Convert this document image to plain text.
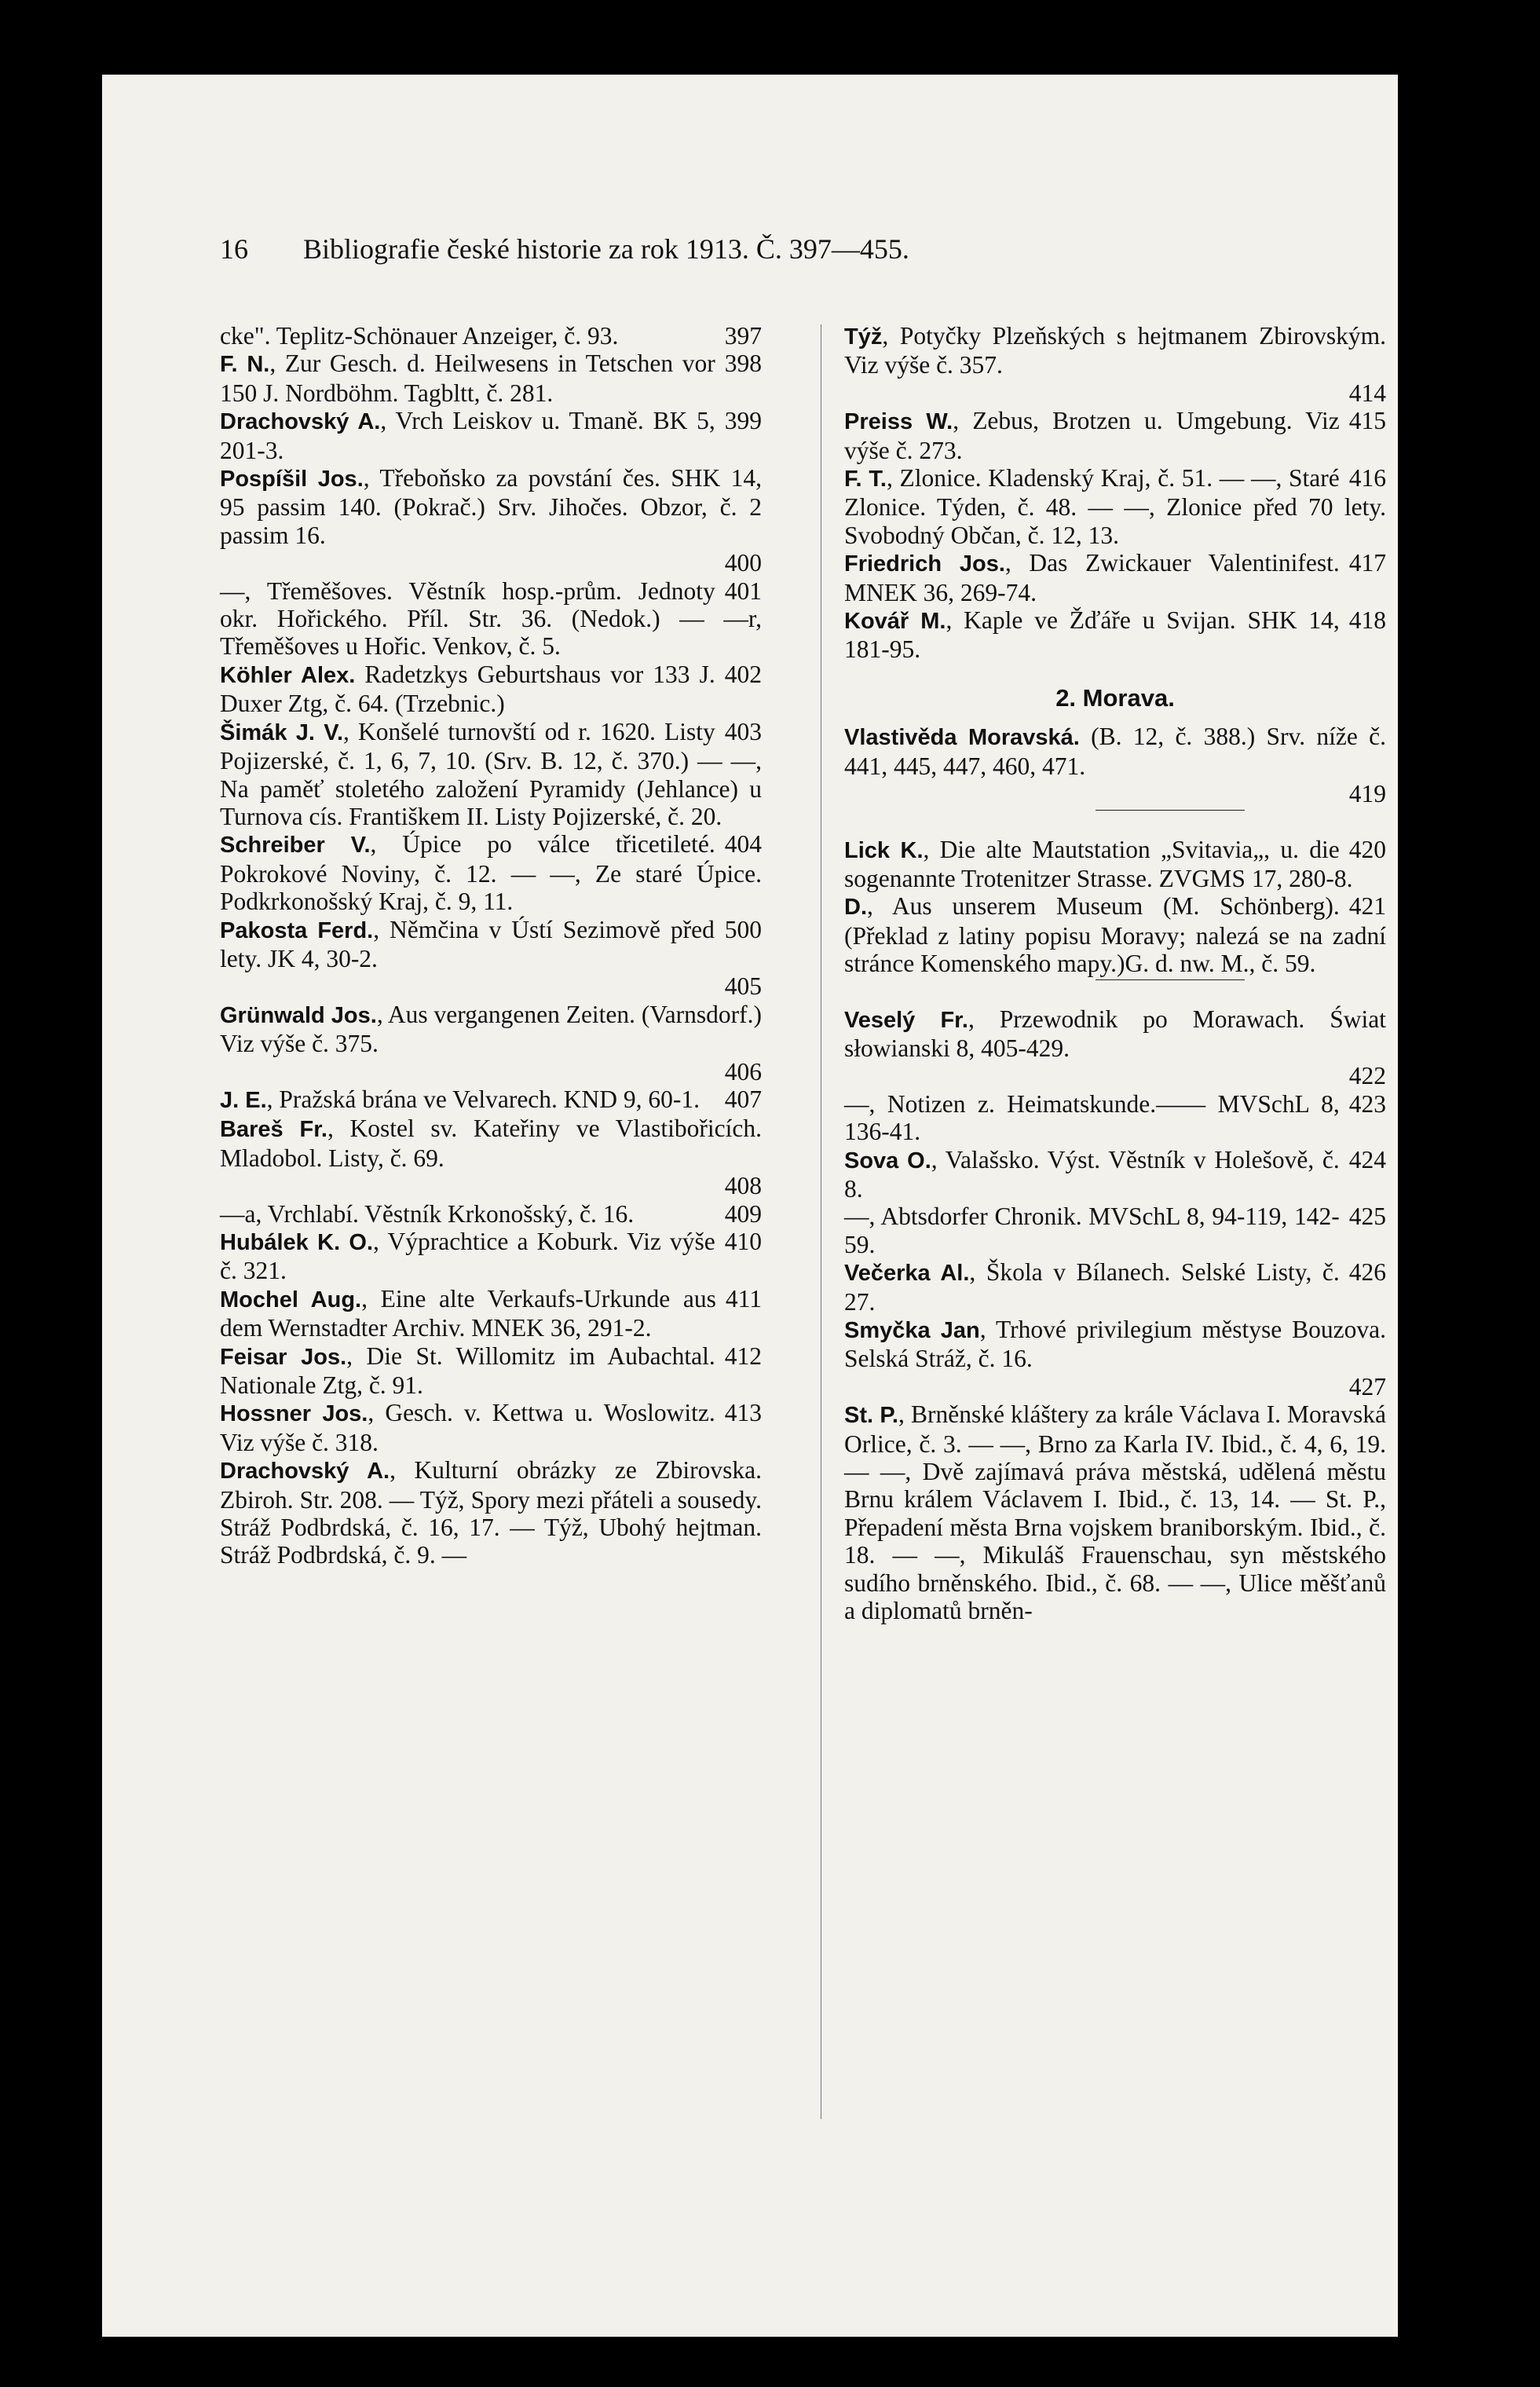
16 Bibliografie české historie za rok 1913. Č. 397—455.

397
cke". Teplitz-Schönauer Anzeiger, č. 93.

398
F. N., Zur Gesch. d. Heilwesens in Tetschen vor 150 J. Nordböhm. Tagbltt, č. 281.

399
Drachovský A., Vrch Leiskov u. Tmaně. BK 5, 201-3.

Pospíšil Jos., Třeboňsko za povstání čes. SHK 14, 95 passim 140. (Pokrač.) Srv. Jihočes. Obzor, č. 2 passim 16.
400

401
—, Třeměšoves. Věstník hosp.-prům. Jednoty okr. Hořického. Příl. Str. 36. (Nedok.) — —r, Třeměšoves u Hořic. Venkov, č. 5.

402
Köhler Alex. Radetzkys Geburtshaus vor 133 J. Duxer Ztg, č. 64. (Trzebnic.)

403
Šimák J. V., Konšelé turnovští od r. 1620. Listy Pojizerské, č. 1, 6, 7, 10. (Srv. B. 12, č. 370.) — —, Na paměť stoletého založení Pyramidy (Jehlance) u Turnova cís. Františkem II. Listy Pojizerské, č. 20.

404
Schreiber V., Úpice po válce třicetileté. Pokrokové Noviny, č. 12. — —, Ze staré Úpice. Podkrkonošský Kraj, č. 9, 11.

Pakosta Ferd., Němčina v Ústí Sezimově před 500 lety. JK 4, 30-2.
405

Grünwald Jos., Aus vergangenen Zeiten. (Varnsdorf.) Viz výše č. 375.
406

407
J. E., Pražská brána ve Velvarech. KND 9, 60-1.

Bareš Fr., Kostel sv. Kateřiny ve Vlastibořicích. Mladobol. Listy, č. 69.
408

409
—a, Vrchlabí. Věstník Krkonošský, č. 16.

410
Hubálek K. O., Výprachtice a Koburk. Viz výše č. 321.

411
Mochel Aug., Eine alte Verkaufs-Urkunde aus dem Wernstadter Archiv. MNEK 36, 291-2.

412
Feisar Jos., Die St. Willomitz im Aubachtal. Nationale Ztg, č. 91.

413
Hossner Jos., Gesch. v. Kettwa u. Woslowitz. Viz výše č. 318.

Drachovský A., Kulturní obrázky ze Zbirovska. Zbiroh. Str. 208. — Týž, Spory mezi přáteli a sousedy. Stráž Podbrdská, č. 16, 17. — Týž, Ubohý hejtman. Stráž Podbrdská, č. 9. —

Týž, Potyčky Plzeňských s hejtmanem Zbirovským. Viz výše č. 357.
414

415
Preiss W., Zebus, Brotzen u. Umgebung. Viz výše č. 273.

416
F. T., Zlonice. Kladenský Kraj, č. 51. — —, Staré Zlonice. Týden, č. 48. — —, Zlonice před 70 lety. Svobodný Občan, č. 12, 13.

417
Friedrich Jos., Das Zwickauer Valentinifest. MNEK 36, 269-74.

418
Kovář M., Kaple ve Žďáře u Svijan. SHK 14, 181-95.

2. Morava.

Vlastivěda Moravská. (B. 12, č. 388.) Srv. níže č. 441, 445, 447, 460, 471.
419

420
Lick K., Die alte Mautstation „Svitavia„, u. die sogenannte Trotenitzer Strasse. ZVGMS 17, 280-8.

421
D., Aus unserem Museum (M. Schönberg). (Překlad z latiny popisu Moravy; nalezá se na zadní stránce Komenského mapy.)G. d. nw. M., č. 59.

Veselý Fr., Przewodnik po Morawach. Świat słowianski 8, 405-429.
422

423
—, Notizen z. Heimatskunde.—— MVSchL 8, 136-41.

424
Sova O., Valašsko. Výst. Věstník v Holešově, č. 8.

425
—, Abtsdorfer Chronik. MVSchL 8, 94-119, 142-59.

426
Večerka Al., Škola v Bílanech. Selské Listy, č. 27.

Smyčka Jan, Trhové privilegium městyse Bouzova. Selská Stráž, č. 16.
427

St. P., Brněnské kláštery za krále Václava I. Moravská Orlice, č. 3. — —, Brno za Karla IV. Ibid., č. 4, 6, 19. — —, Dvě zajímavá práva městská, udělená městu Brnu králem Václavem I. Ibid., č. 13, 14. — St. P., Přepadení města Brna vojskem braniborským. Ibid., č. 18. — —, Mikuláš Frauenschau, syn městského sudího brněnského. Ibid., č. 68. — —, Ulice měšťanů a diplomatů brněn-
